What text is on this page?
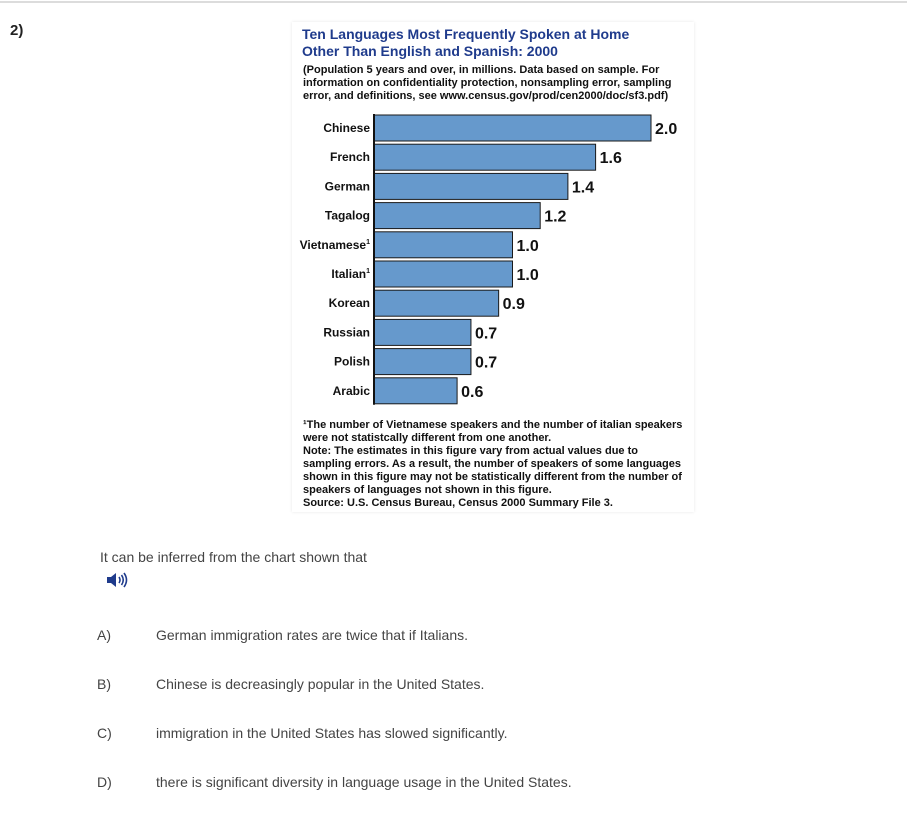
2)	Ten Languages Most Frequently Spoken at Home
Other Than English and Spanish: 2000
(Population 5 years and over, in millions. Data based on sample. For
information on confidentiality protection, nonsampling error, sampling
error, and definitions, see www.census.gov/prod/cen2000/doc/sf3.pdf)
Chinese	2.0
French	1.6
German	1.4
Tagalog	1.2
Vietnamese$^1$	1.0
Italian$^1$	1.0
Korean	0.9
Russian	0.7
Polish	0.7
Arabic	0.6
¹The number of Vietnamese speakers and the number of italian speakers
were not statistcally different from one another.
Note: The estimates in this figure vary from actual values due to
sampling errors. As a result, the number of speakers of some languages
shown in this figure may not be statistically different from the number of
speakers of languages not shown in this figure.
Source: U.S. Census Bureau, Census 2000 Summary File 3.
It can be inferred from the chart shown that
A)	German immigration rates are twice that if Italians.
B)	Chinese is decreasingly popular in the United States.
C)	immigration in the United States has slowed significantly.
D)	there is significant diversity in language usage in the United States.
